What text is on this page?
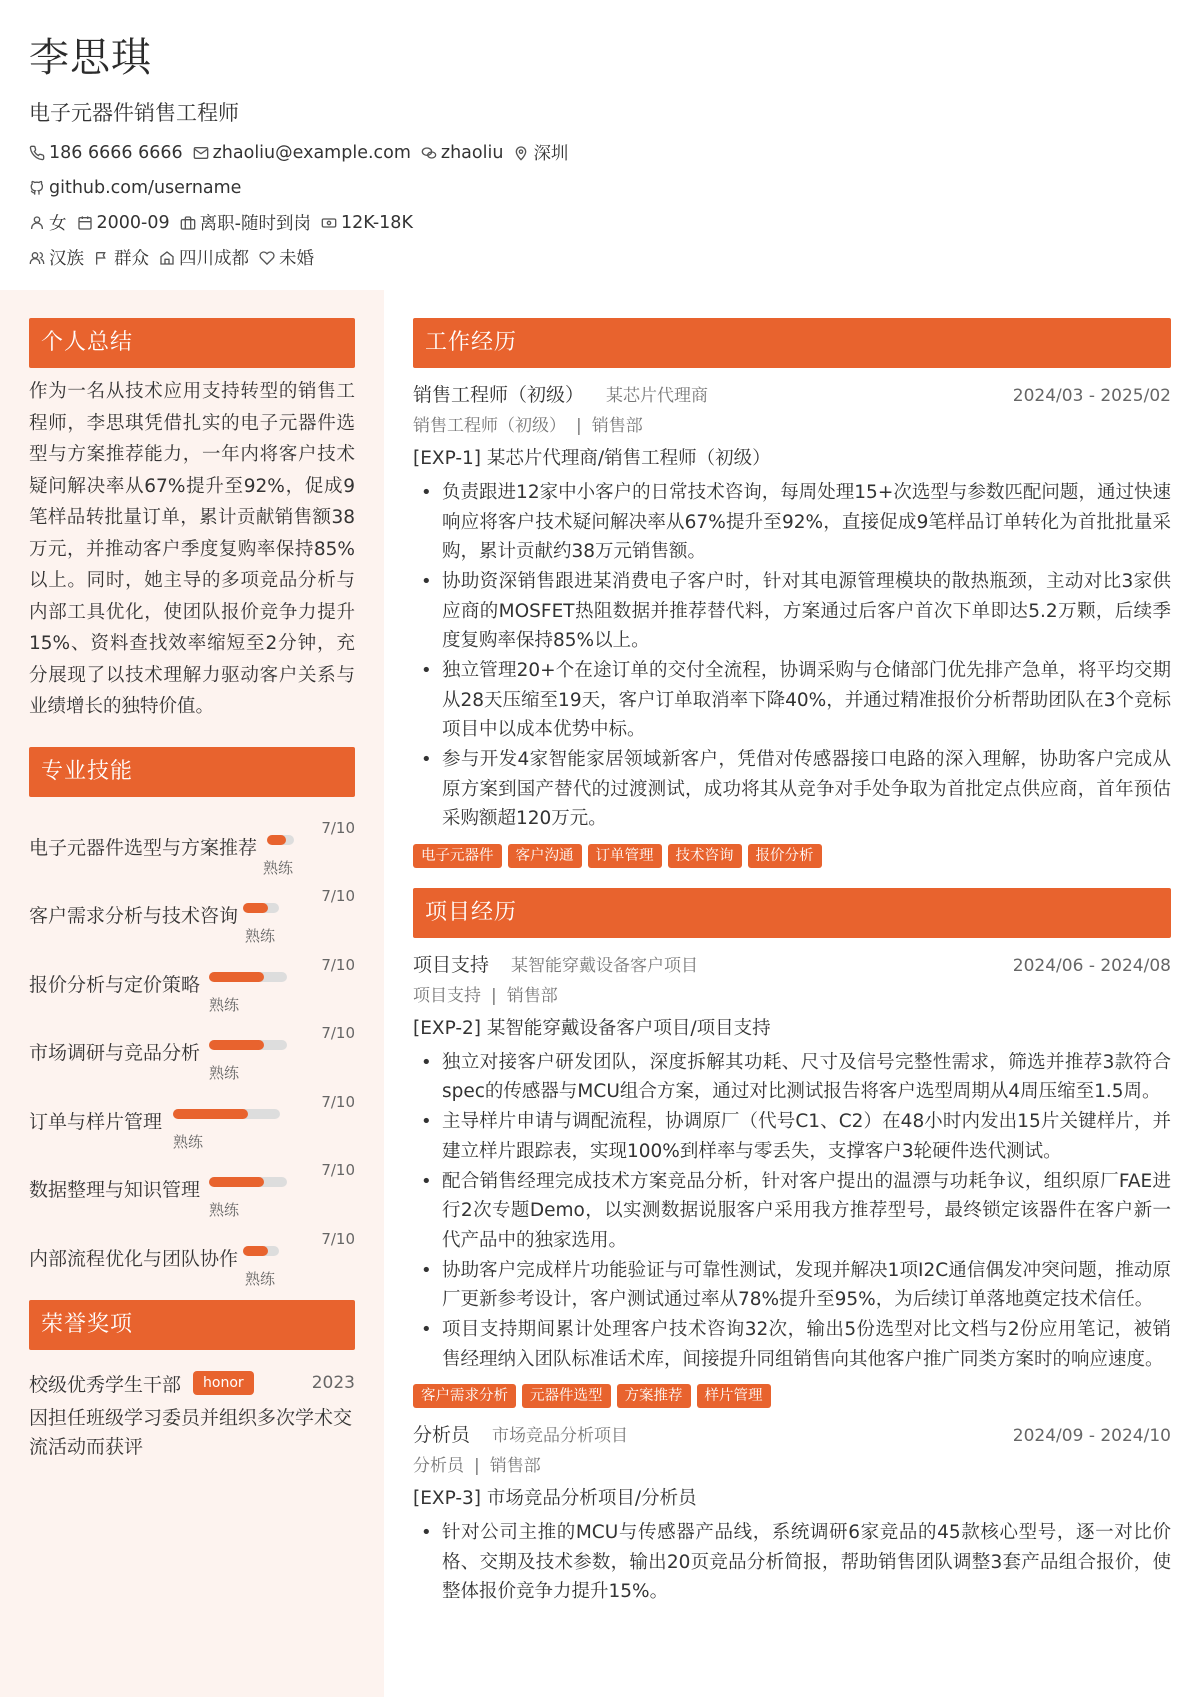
李思琪
电子元器件销售工程师
186 6666 6666 zhaoliu@example.com zhaoliu 深圳
github.com/username
女 2000-09 离职-随时到岗 12K-18K
汉族 群众 四川成都 未婚
个人总结

作为一名从技术应用支持转型的销售工程师，李思琪凭借扎实的电子元器件选型与方案推荐能力，一年内将客户技术疑问解决率从67%提升至92%，促成9笔样品转批量订单，累计贡献销售额38万元，并推动客户季度复购率保持85%以上。同时，她主导的多项竞品分析与内部工具优化，使团队报价竞争力提升15%、资料查找效率缩短至2分钟，充分展现了以技术理解力驱动客户关系与业绩增长的独特价值。

专业技能
电子元器件选型与方案推荐
熟练
7/10
客户需求分析与技术咨询
熟练
7/10
报价分析与定价策略
熟练
7/10
市场调研与竞品分析
熟练
7/10
订单与样片管理
熟练
7/10
数据整理与知识管理
熟练
7/10
内部流程优化与团队协作
熟练
7/10
荣誉奖项
校级优秀学生干部	honor	2023

因担任班级学习委员并组织多次学术交流活动而获评

工作经历
销售工程师（初级） 某芯片代理商	2024/03 - 2025/02
销售工程师（初级） | 销售部
[EXP-1] 某芯片代理商/销售工程师（初级）
• 负责跟进12家中小客户的日常技术咨询，每周处理15+次选型与参数匹配问题，通过快速响应将客户技术疑问解决率从67%提升至92%，直接促成9笔样品订单转化为首批批量采购，累计贡献约38万元销售额。
• 协助资深销售跟进某消费电子客户时，针对其电源管理模块的散热瓶颈，主动对比3家供应商的MOSFET热阻数据并推荐替代料，方案通过后客户首次下单即达5.2万颗，后续季度复购率保持85%以上。
• 独立管理20+个在途订单的交付全流程，协调采购与仓储部门优先排产急单，将平均交期从28天压缩至19天，客户订单取消率下降40%，并通过精准报价分析帮助团队在3个竞标项目中以成本优势中标。
• 参与开发4家智能家居领域新客户，凭借对传感器接口电路的深入理解，协助客户完成从原方案到国产替代的过渡测试，成功将其从竞争对手处争取为首批定点供应商，首年预估采购额超120万元。
电子元器件	客户沟通	订单管理	技术咨询	报价分析
项目经历
项目支持 某智能穿戴设备客户项目	2024/06 - 2024/08
项目支持 | 销售部
[EXP-2] 某智能穿戴设备客户项目/项目支持
• 独立对接客户研发团队，深度拆解其功耗、尺寸及信号完整性需求，筛选并推荐3款符合spec的传感器与MCU组合方案，通过对比测试报告将客户选型周期从4周压缩至1.5周。
• 主导样片申请与调配流程，协调原厂（代号C1、C2）在48小时内发出15片关键样片，并建立样片跟踪表，实现100%到样率与零丢失，支撑客户3轮硬件迭代测试。
• 配合销售经理完成技术方案竞品分析，针对客户提出的温漂与功耗争议，组织原厂FAE进行2次专题Demo，以实测数据说服客户采用我方推荐型号，最终锁定该器件在客户新一代产品中的独家选用。
• 协助客户完成样片功能验证与可靠性测试，发现并解决1项I2C通信偶发冲突问题，推动原厂更新参考设计，客户测试通过率从78%提升至95%，为后续订单落地奠定技术信任。
• 项目支持期间累计处理客户技术咨询32次，输出5份选型对比文档与2份应用笔记，被销售经理纳入团队标准话术库，间接提升同组销售向其他客户推广同类方案时的响应速度。
客户需求分析	元器件选型	方案推荐	样片管理
分析员 市场竞品分析项目	2024/09 - 2024/10
分析员 | 销售部
[EXP-3] 市场竞品分析项目/分析员
• 针对公司主推的MCU与传感器产品线，系统调研6家竞品的45款核心型号，逐一对比价格、交期及技术参数，输出20页竞品分析简报，帮助销售团队调整3套产品组合报价，使整体报价竞争力提升15%。
